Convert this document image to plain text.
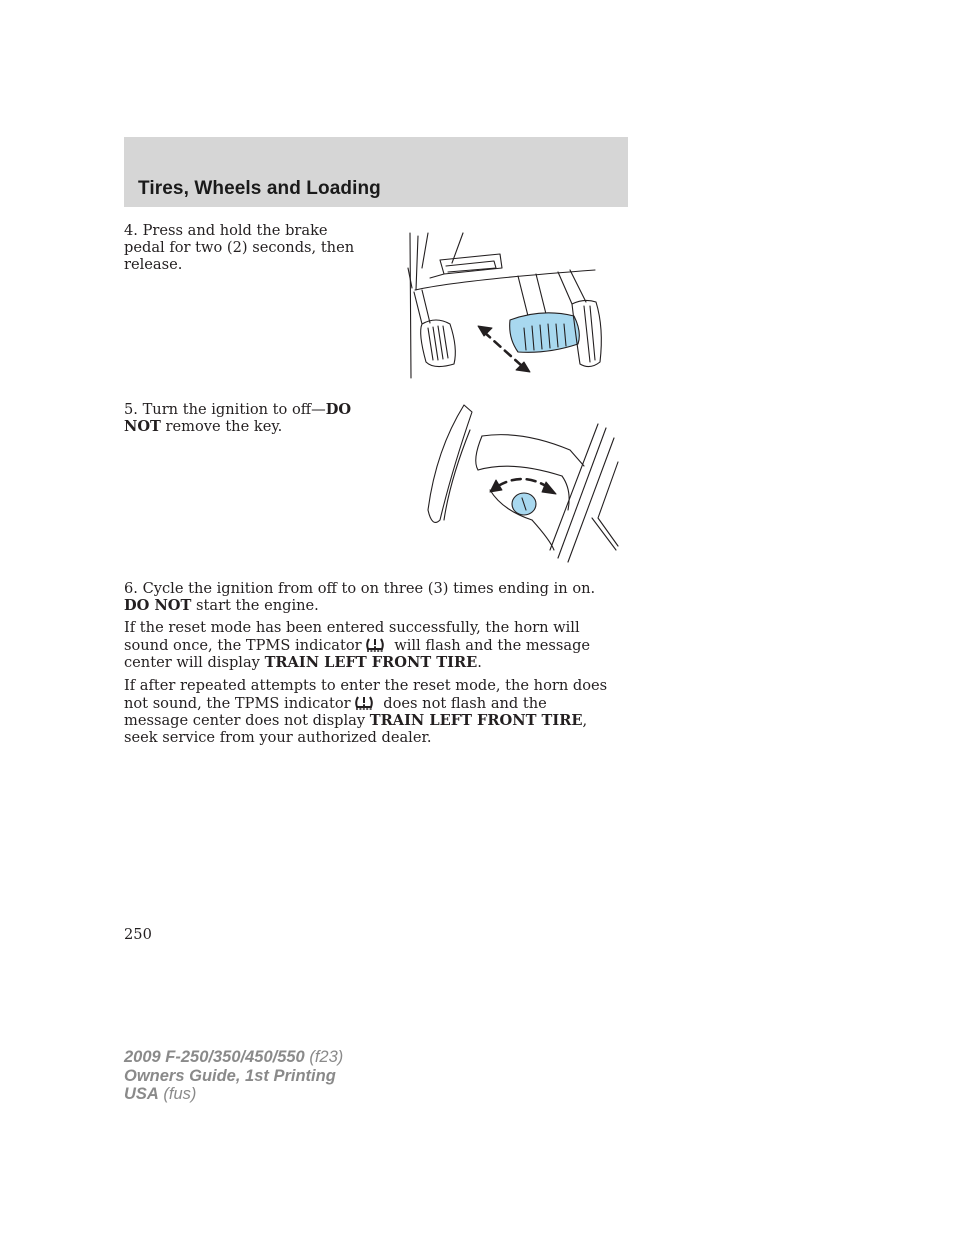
Tires, Wheels and Loading

4. Press and hold the brake pedal for two (2) seconds, then release.

5. Turn the ignition to off—DO NOT remove the key.

6. Cycle the ignition from off to on three (3) times ending in on. DO NOT start the engine.

If the reset mode has been entered successfully, the horn will sound once, the TPMS indicator will flash and the message center will display TRAIN LEFT FRONT TIRE.

If after repeated attempts to enter the reset mode, the horn does not sound, the TPMS indicator does not flash and the message center does not display TRAIN LEFT FRONT TIRE, seek service from your authorized dealer.

250

2009 F-250/350/450/550 (f23)
Owners Guide, 1st Printing
USA (fus)
